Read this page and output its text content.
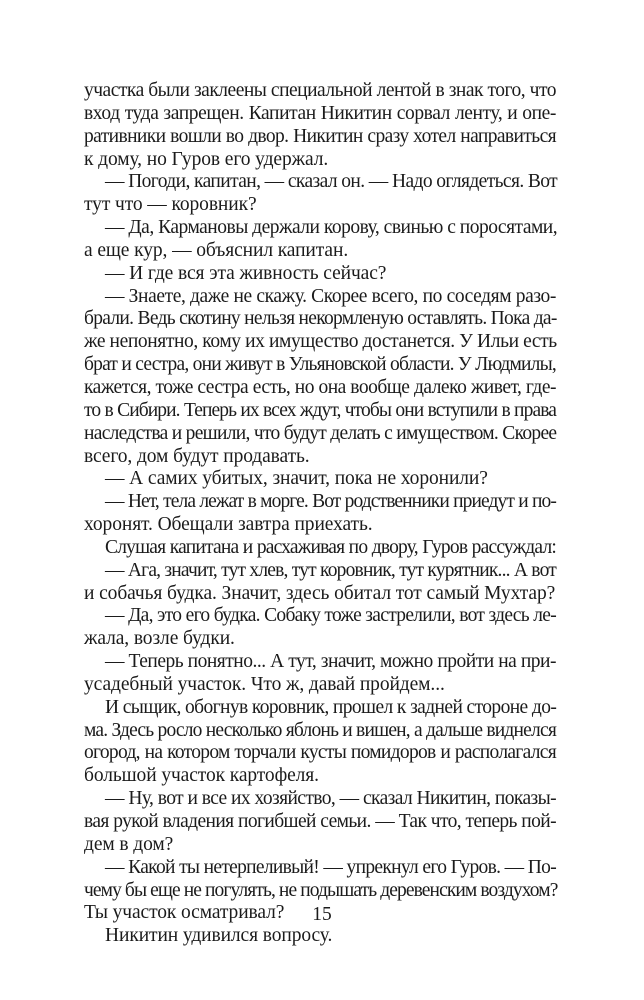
участка были заклеены специальной лентой в знак того, что
вход туда запрещен. Капитан Никитин сорвал ленту, и опе-
ративники вошли во двор. Никитин сразу хотел направиться
к дому, но Гуров его удержал.
— Погоди, капитан, — сказал он. — Надо оглядеться. Вот
тут что — коровник?
— Да, Кармановы держали корову, свинью с поросятами,
а еще кур, — объяснил капитан.
— И где вся эта живность сейчас?
— Знаете, даже не скажу. Скорее всего, по соседям разо-
брали. Ведь скотину нельзя некормленую оставлять. Пока да-
же непонятно, кому их имущество достанется. У Ильи есть
брат и сестра, они живут в Ульяновской области. У Людмилы,
кажется, тоже сестра есть, но она вообще далеко живет, где-
то в Сибири. Теперь их всех ждут, чтобы они вступили в права
наследства и решили, что будут делать с имуществом. Скорее
всего, дом будут продавать.
— А самих убитых, значит, пока не хоронили?
— Нет, тела лежат в морге. Вот родственники приедут и по-
хоронят. Обещали завтра приехать.
Слушая капитана и расхаживая по двору, Гуров рассуждал:
— Ага, значит, тут хлев, тут коровник, тут курятник... А вот
и собачья будка. Значит, здесь обитал тот самый Мухтар?
— Да, это его будка. Собаку тоже застрелили, вот здесь ле-
жала, возле будки.
— Теперь понятно... А тут, значит, можно пройти на при-
усадебный участок. Что ж, давай пройдем...
И сыщик, обогнув коровник, прошел к задней стороне до-
ма. Здесь росло несколько яблонь и вишен, а дальше виднелся
огород, на котором торчали кусты помидоров и располагался
большой участок картофеля.
— Ну, вот и все их хозяйство, — сказал Никитин, показы-
вая рукой владения погибшей семьи. — Так что, теперь пой-
дем в дом?
— Какой ты нетерпеливый! — упрекнул его Гуров. — По-
чему бы еще не погулять, не подышать деревенским воздухом?
Ты участок осматривал?
Никитин удивился вопросу.
15
